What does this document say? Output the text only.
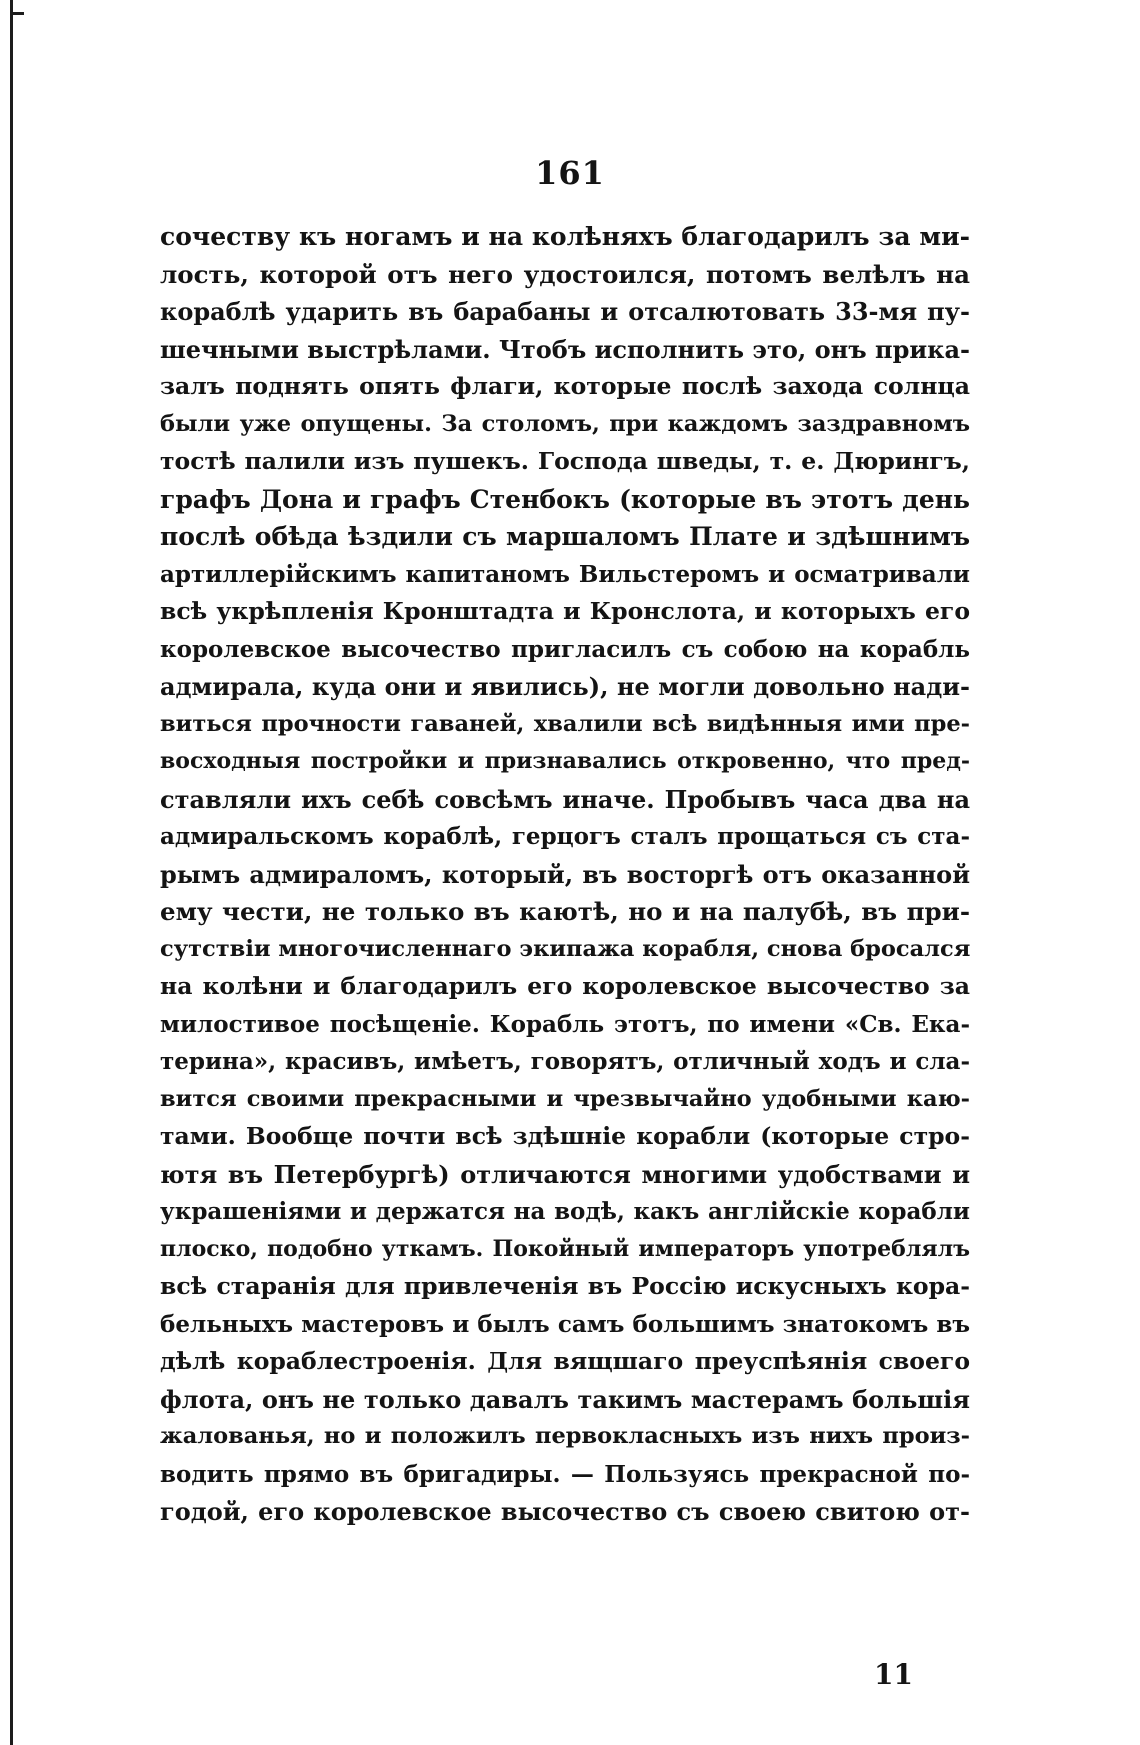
161
сочеству къ ногамъ и на колѣняхъ благодарилъ за ми-
лость, которой отъ него удостоился, потомъ велѣлъ на
кораблѣ ударить въ барабаны и отсалютовать 33-мя пу-
шечными выстрѣлами. Чтобъ исполнить это, онъ прика-
залъ поднять опять флаги, которые послѣ захода солнца
были уже опущены. За столомъ, при каждомъ заздравномъ
тостѣ палили изъ пушекъ. Господа шведы, т. е. Дюрингъ,
графъ Дона и графъ Стенбокъ (которые въ этотъ день
послѣ обѣда ѣздили съ маршаломъ Плате и здѣшнимъ
артиллерiйскимъ капитаномъ Вильстеромъ и осматривали
всѣ укрѣпленiя Кронштадта и Кронслота, и которыхъ его
королевское высочество пригласилъ съ собою на корабль
адмирала, куда они и явились), не могли довольно нади-
виться прочности гаваней, хвалили всѣ видѣнныя ими пре-
восходныя постройки и признавались откровенно, что пред-
ставляли ихъ себѣ совсѣмъ иначе. Пробывъ часа два на
адмиральскомъ кораблѣ, герцогъ сталъ прощаться съ ста-
рымъ адмираломъ, который, въ восторгѣ отъ оказанной
ему чести, не только въ каютѣ, но и на палубѣ, въ при-
сутствiи многочисленнаго экипажа корабля, снова бросался
на колѣни и благодарилъ его королевское высочество за
милостивое посѣщенiе. Корабль этотъ, по имени «Св. Ека-
терина», красивъ, имѣетъ, говорятъ, отличный ходъ и сла-
вится своими прекрасными и чрезвычайно удобными каю-
тами. Вообще почти всѣ здѣшнiе корабли (которые стро-
ютя въ Петербургѣ) отличаются многими удобствами и
украшенiями и держатся на водѣ, какъ англiйскiе корабли
плоско, подобно уткамъ. Покойный императоръ употреблялъ
всѣ старанiя для привлеченiя въ Россiю искусныхъ кора-
бельныхъ мастеровъ и былъ самъ большимъ знатокомъ въ
дѣлѣ кораблестроенiя. Для вящшаго преуспѣянiя своего
флота, онъ не только давалъ такимъ мастерамъ большiя
жалованья, но и положилъ первокласныхъ изъ нихъ произ-
водить прямо въ бригадиры. — Пользуясь прекрасной по-
годой, его королевское высочество съ своею свитою от-
11
